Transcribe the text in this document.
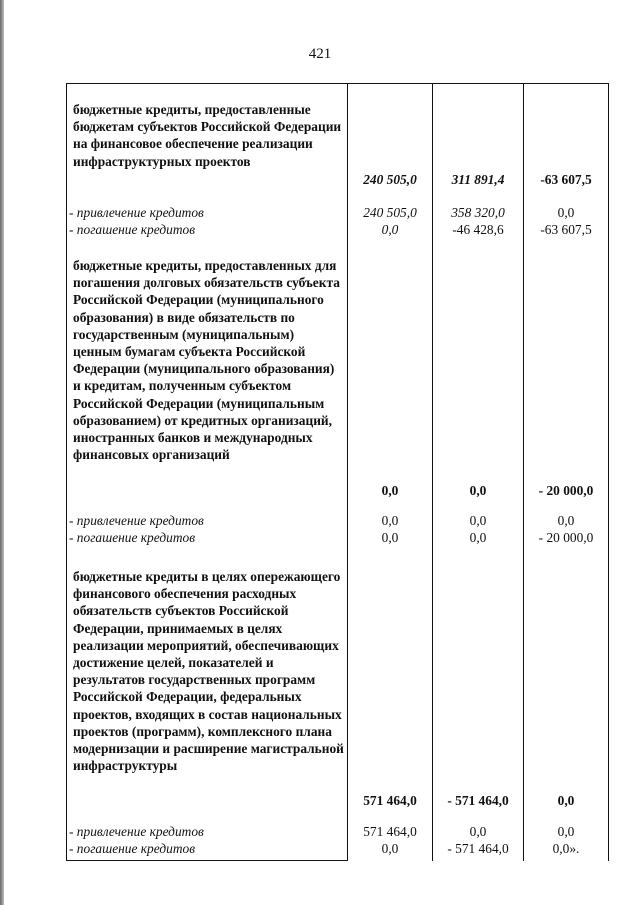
421
бюджетные кредиты, предоставленные бюджетам субъектов Российской Федерации на финансовое обеспечение реализации инфраструктурных проектов
240 505,0	311 891,4	-63 607,5
- привлечение кредитов	240 505,0	358 320,0	0,0
- погашение кредитов	0,0	-46 428,6	-63 607,5
бюджетные кредиты, предоставленных для погашения долговых обязательств субъекта Российской Федерации (муниципального образования) в виде обязательств по государственным (муниципальным) ценным бумагам субъекта Российской Федерации (муниципального образования) и кредитам, полученным субъектом Российской Федерации (муниципальным образованием) от кредитных организаций, иностранных банков и международных финансовых организаций
0,0	0,0	- 20 000,0
- привлечение кредитов	0,0	0,0	0,0
- погашение кредитов	0,0	0,0	- 20 000,0
бюджетные кредиты в целях опережающего финансового обеспечения расходных обязательств субъектов Российской Федерации, принимаемых в целях реализации мероприятий, обеспечивающих достижение целей, показателей и результатов государственных программ Российской Федерации, федеральных проектов, входящих в состав национальных проектов (программ), комплексного плана модернизации и расширение магистральной инфраструктуры
571 464,0	- 571 464,0	0,0
- привлечение кредитов	571 464,0	0,0	0,0
- погашение кредитов	0,0	- 571 464,0	0,0».
